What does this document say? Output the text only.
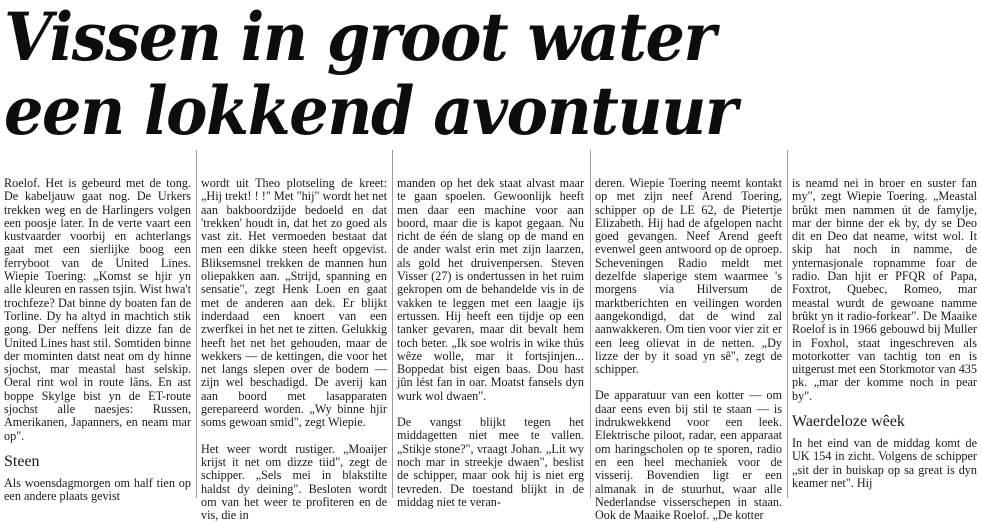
Vissen in groot water
een lokkend avontuur

Roelof. Het is gebeurd met de tong. De kabeljauw gaat nog. De Urkers trekken weg en de Harlingers volgen een poosje later. In de verte vaart een kustvaarder voorbij en achterlangs gaat met een sierlijke boog een ferryboot van de United Lines. Wiepie Toering: „Komst se hjir yn alle kleuren en rassen tsjin. Wist hwa't trochfeze? Dat binne dy boaten fan de Torline. Dy ha altyd in machtich stik gong. Der neffens leit dizze fan de United Lines hast stil. Somtiden binne der mominten datst neat om dy hinne sjochst, mar meastal hast selskip. Oeral rint wol in route lâns. En ast boppe Skylge bist yn de ET-route sjochst alle naesjes: Russen, Amerikanen, Japanners, en neam mar op".

Steen

Als woensdagmorgen om half tien op een andere plaats gevist

wordt uit Theo plotseling de kreet: „Hij trekt! ! !" Met "hij" wordt het net aan bakboordzijde bedoeld en dat 'trekken' houdt in, dat het zo goed als vast zit. Het vermoeden bestaat dat men een dikke steen heeft opgevist. Bliksemsnel trekken de mannen hun oliepakken aan. „Strijd, spanning en sensatie", zegt Henk Loen en gaat met de anderen aan dek. Er blijkt inderdaad een knoert van een zwerfkei in het net te zitten. Gelukkig heeft het net het gehouden, maar de wekkers — de kettingen, die voor het net langs slepen over de bodem — zijn wel beschadigd. De averij kan aan boord met lasapparaten gerepareerd worden. „Wy binne hjir soms gewoan smid", zegt Wiepie.

Het weer wordt rustiger. „Moaijer krijst it net om dizze tiid", zegt de schipper. „Sels mei in blakstilte haldst dy deining". Besloten wordt om van het weer te profiteren en de vis, die in

manden op het dek staat alvast maar te gaan spoelen. Gewoonlijk heeft men daar een machine voor aan boord, maar die is kapot gegaan. Nu richt de één de slang op de mand en de ander walst erin met zijn laarzen, als gold het druivenpersen. Steven Visser (27) is ondertussen in het ruim gekropen om de behandelde vis in de vakken te leggen met een laagje ijs ertussen. Hij heeft een tijdje op een tanker gevaren, maar dit bevalt hem toch beter. „Ik soe wolris in wike thús wêze wolle, mar it fortsjinjen... Boppedat bist eigen baas. Dou hast jûn lést fan in oar. Moatst fansels dyn wurk wol dwaen".

De vangst blijkt tegen het middagetten niet mee te vallen. „Stikje stone?", vraagt Johan. „Lit wy noch mar in streekje dwaen", beslist de schipper, maar ook hij is niet erg tevreden. De toestand blijkt in de middag niet te veran-

deren. Wiepie Toering neemt kontakt op met zijn neef Arend Toering, schipper op de LE 62, de Pietertje Elizabeth. Hij had de afgelopen nacht goed gevangen. Neef Arend geeft evenwel geen antwoord op de oproep. Scheveningen Radio meldt met dezelfde slaperige stem waarmee 's morgens via Hilversum de marktberichten en veilingen worden aangekondigd, dat de wind zal aanwakkeren. Om tien voor vier zit er een leeg olievat in de netten. „Dy lizze der by it soad yn sê", zegt de schipper.

De apparatuur van een kotter — om daar eens even bij stil te staan — is indrukwekkend voor een leek. Elektrische piloot, radar, een apparaat om haringscholen op te sporen, radio en een heel mechaniek voor de visserij. Bovendien ligt er een almanak in de stuurhut, waar alle Nederlandse visserschepen in staan. Ook de Maaike Roelof. „De kotter

is neamd nei in broer en suster fan my", zegt Wiepie Toering. „Meastal brûkt men nammen út de famylje, mar der binne der ek by, dy se Deo dit en Deo dat neame, witst wol. It skip hat noch in namme, de ynternasjonale ropnamme foar de radio. Dan hjit er PFQR of Papa, Foxtrot, Quebec, Romeo, mar meastal wurdt de gewoane namme brûkt yn it radio-forkear". De Maaike Roelof is in 1966 gebouwd bij Muller in Foxhol, staat ingeschreven als motorkotter van tachtig ton en is uitgerust met een Storkmotor van 435 pk. „mar der komme noch in pear by".

Waerdeloze wêek

In het eind van de middag komt de UK 154 in zicht. Volgens de schipper „sit der in buiskap op sa great is dyn keamer net". Hij
